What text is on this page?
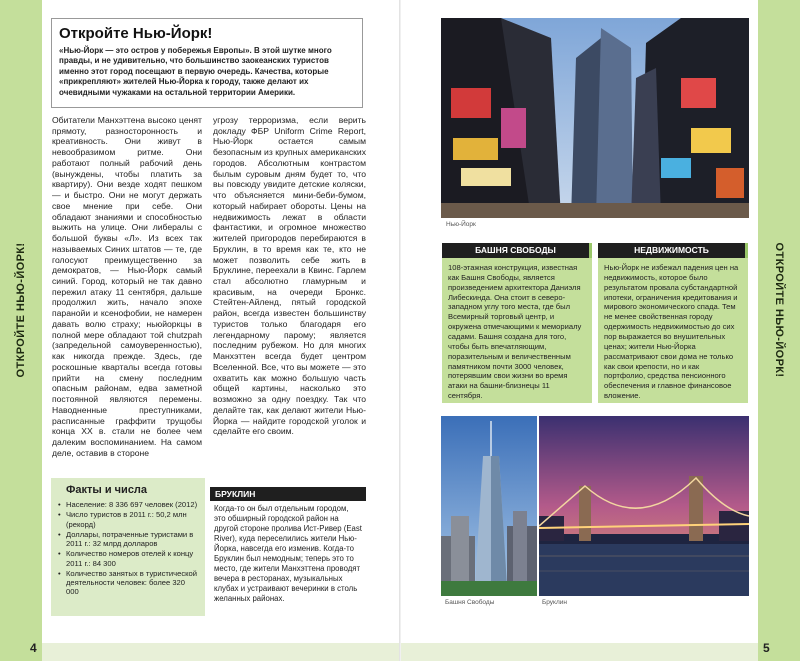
ОТКРОЙТЕ НЬЮ-ЙОРК!	ОТКРОЙТЕ НЬЮ-ЙОРК!
4	5
Откройте Нью-Йорк!

«Нью-Йорк — это остров у побережья Европы». В этой шутке много правды, и не удивительно, что большинство заокеанских туристов именно этот город посещают в первую очередь. Качества, которые «прикрепляют» жителей Нью-Йорка к городу, также делают их очевидными чужаками на остальной территории Америки.

Обитатели Манхэттена высоко ценят прямоту, разносторонность и креативность. Они живут в невообразимом ритме. Они работают полный рабочий день (вынуждены, чтобы платить за квартиру). Они везде ходят пешком — и быстро. Они не могут держать свое мнение при себе. Они обладают знаниями и способностью выжить на улице. Они либералы с большой буквы «Л». Из всех так называемых Синих штатов — те, где голосуют преимущественно за демократов, — Нью-Йорк самый синий. Город, который не так давно пережил атаку 11 сентября, дальше продолжил жить, начало эпохе паранойи и ксенофобии, не намерен давать волю страху; ньюйоркцы в полной мере обладают той chutzpah (запредельной самоуверенностью), как никогда прежде. Здесь, где роскошные кварталы всегда готовы прийти на смену последним опасным районам, едва заметной постоянной являются перемены. Наводненные преступниками, расписанные граффити трущобы конца XX в. стали не более чем далеким воспоминанием. На самом деле, оставив в стороне
угрозу терроризма, если верить докладу ФБР Uniform Crime Report, Нью-Йорк остается самым безопасным из крупных американских городов. Абсолютным контрастом былым суровым дням будет то, что вы повсюду увидите детские коляски, что объясняется мини-беби-бумом, который набирает обороты. Цены на недвижимость лежат в области фантастики, и огромное множество жителей пригородов перебираются в Бруклин, в то время как те, кто не может позволить себе жить в Бруклине, переехали в Квинс. Гарлем стал абсолютно гламурным и красивым, на очереди Бронкс. Стейтен-Айленд, пятый городской район, всегда известен большинству туристов только благодаря его легендарному парому; является последним рубежом. Но для многих Манхэттен всегда будет центром Вселенной. Все, что вы можете — это охватить как можно большую часть общей картины, насколько это возможно за одну поездку. Так что делайте так, как делают жители Нью-Йорка — найдите городской уголок и сделайте его своим.
Факты и числа
• Население: 8 336 697 человек (2012)
• Число туристов в 2011 г.: 50,2 млн (рекорд)
• Доллары, потраченные туристами в 2011 г.: 32 млрд долларов
• Количество номеров отелей к концу 2011 г.: 84 300
• Количество занятых в туристической деятельности человек: более 320 000
БРУКЛИН
Когда-то он был отдельным городом, это обширный городской район на другой стороне пролива Ист-Ривер (East River), куда переселились жители Нью-Йорка, навсегда его изменив. Когда-то Бруклин был немодным; теперь это то место, где жители Манхэттена проводят вечера в ресторанах, музыкальных клубах и устраивают вечеринки в столь желанных районах.
Нью-Йорк
БАШНЯ СВОБОДЫ
108-этажная конструкция, известная как Башня Свободы, является произведением архитектора Даниэля Либескинда. Она стоит в северо-западном углу того места, где был Всемирный торговый центр, и окружена отмечающими к мемориалу садами. Башня создана для того, чтобы быть впечатляющим, поразительным и величественным памятником почти 3000 человек, потерявшим свои жизни во время атаки на башни-близнецы 11 сентября.
НЕДВИЖИМОСТЬ
Нью-Йорк не избежал падения цен на недвижимость, которое было результатом провала субстандартной ипотеки, ограничения кредитования и мирового экономического спада. Тем не менее свойственная городу одержимость недвижимостью до сих пор выражается во внушительных ценах; жители Нью-Йорка рассматривают свои дома не только как свои крепости, но и как портфолио, средства пенсионного обеспечения и главное финансовое вложение.
Башня Свободы	Бруклин
